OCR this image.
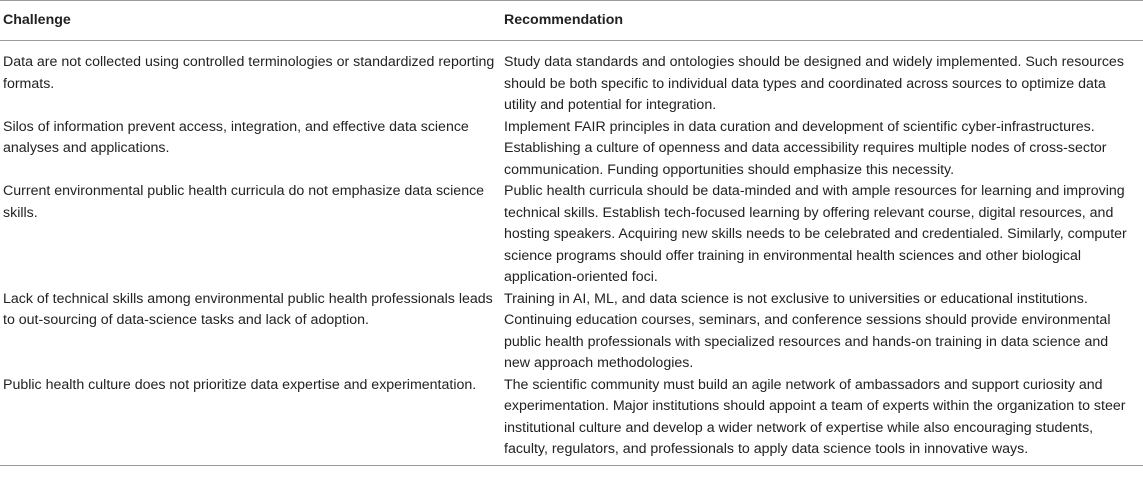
Challenge	Recommendation
Data are not collected using controlled terminologies or standardized reporting formats.	Study data standards and ontologies should be designed and widely implemented. Such resources should be both specific to individual data types and coordinated across sources to optimize data utility and potential for integration.
Silos of information prevent access, integration, and effective data science analyses and applications.	Implement FAIR principles in data curation and development of scientific cyber-infrastructures. Establishing a culture of openness and data accessibility requires multiple nodes of cross-sector communication. Funding opportunities should emphasize this necessity.
Current environmental public health curricula do not emphasize data science skills.	Public health curricula should be data-minded and with ample resources for learning and improving technical skills. Establish tech-focused learning by offering relevant course, digital resources, and hosting speakers. Acquiring new skills needs to be celebrated and credentialed. Similarly, computer science programs should offer training in environmental health sciences and other biological application-oriented foci.
Lack of technical skills among environmental public health professionals leads to out-sourcing of data-science tasks and lack of adoption.	Training in AI, ML, and data science is not exclusive to universities or educational institutions. Continuing education courses, seminars, and conference sessions should provide environmental public health professionals with specialized resources and hands-on training in data science and new approach methodologies.
Public health culture does not prioritize data expertise and experimentation.	The scientific community must build an agile network of ambassadors and support curiosity and experimentation. Major institutions should appoint a team of experts within the organization to steer institutional culture and develop a wider network of expertise while also encouraging students, faculty, regulators, and professionals to apply data science tools in innovative ways.
